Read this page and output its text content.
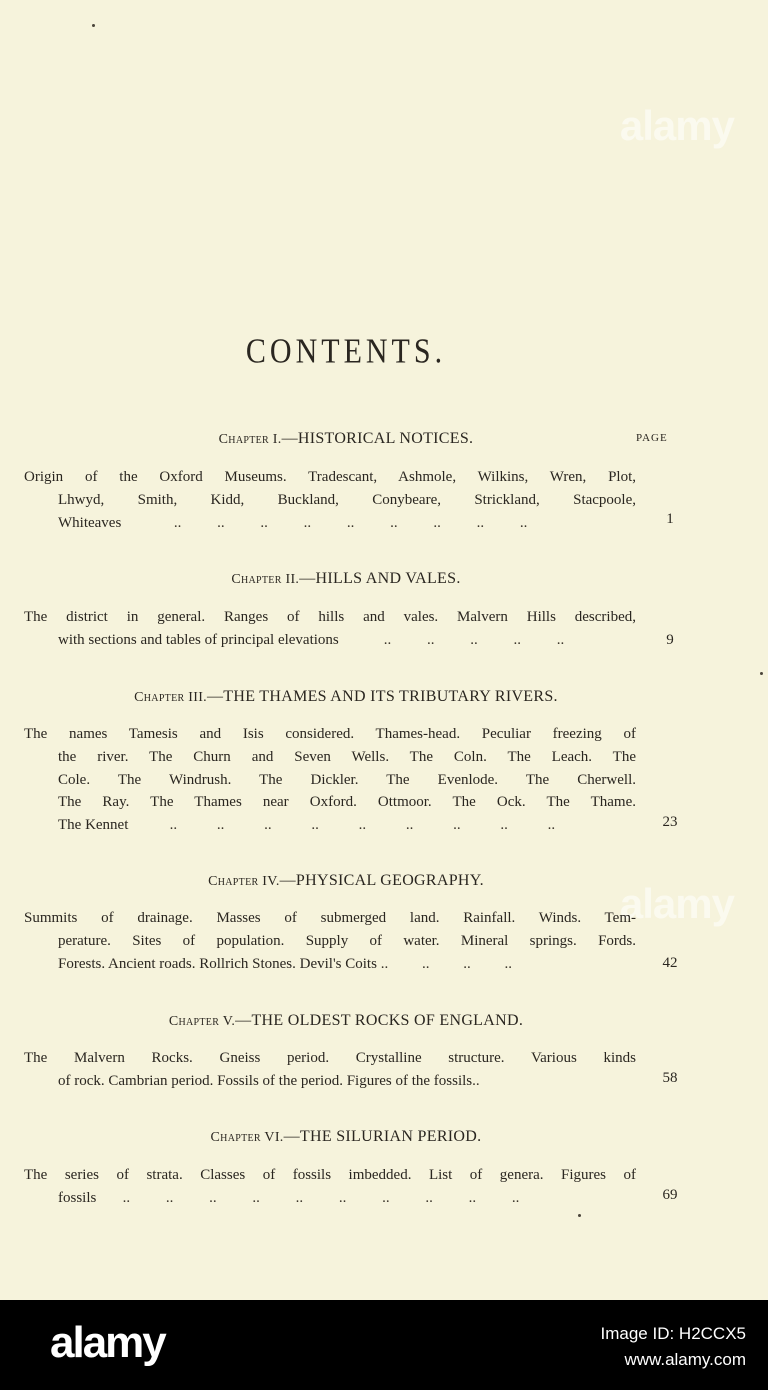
alamy
alamy
CONTENTS.
PAGE
Chapter I.—HISTORICAL NOTICES.
Origin of the Oxford Museums. Tradescant, Ashmole, Wilkins, Wren, Plot,
Lhwyd, Smith, Kidd, Buckland, Conybeare, Strickland, Stacpoole,
Whiteaves	.. .. .. .. .. .. .. .. ..	1
Chapter II.—HILLS AND VALES.
The district in general. Ranges of hills and vales. Malvern Hills described,
with sections and tables of principal elevations	.. .. .. .. ..	9
Chapter III.—THE THAMES AND ITS TRIBUTARY RIVERS.
The names Tamesis and Isis considered. Thames-head. Peculiar freezing of
the river. The Churn and Seven Wells. The Coln. The Leach. The
Cole. The Windrush. The Dickler. The Evenlode. The Cherwell.
The Ray. The Thames near Oxford. Ottmoor. The Ock. The Thame.
The Kennet	.. .. .. .. .. .. .. .. ..	23
Chapter IV.—PHYSICAL GEOGRAPHY.
Summits of drainage. Masses of submerged land. Rainfall. Winds. Tem-
perature. Sites of population. Supply of water. Mineral springs. Fords.
Forests. Ancient roads. Rollrich Stones. Devil's Coits .. .. .. ..	42
Chapter V.—THE OLDEST ROCKS OF ENGLAND.
The Malvern Rocks. Gneiss period. Crystalline structure. Various kinds
of rock. Cambrian period. Fossils of the period. Figures of the fossils..	58
Chapter VI.—THE SILURIAN PERIOD.
The series of strata. Classes of fossils imbedded. List of genera. Figures of
fossils .. .. .. .. .. .. .. .. .. ..	69
alamy	Image ID: H2CCX5
www.alamy.com
